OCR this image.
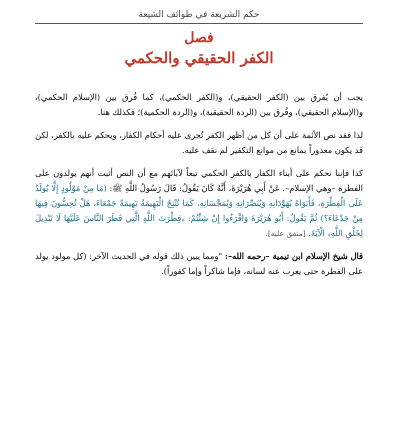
حكم الشريعة في طوائف الشيعة
فصل
الكفر الحقيقي والحكمي

يجب أن يُفرق بين (الكفر الحقيقي)، و(الكفر الحكمي)، كما فُرق بين (الإسلام الحكمي)، و(الإسلام الحقيقي)، وفُرق بين (الردة الحقيقية)، و(الردة الحكمية)؛ فكذلك هنا.

لذا فقد نص الأئمة على أن كل من أظهر الكفر تُجرى عليه أحكام الكفار، ويحكم عليه بالكفر، لكن قد يكون معذوراً بمانع من موانع التكفير لم نقف عليه.

كذا فإننا نحكم على أبناء الكفار بالكفر الحكمي تبعاً لآبائهم مع أن النص أثبت أنهم يولدون على الفطرة –وهي الإسلام–. عَنْ أَبِي هُرَيْرَةَ، أَنَّهُ كَانَ يَقُولُ: قَالَ رَسُولُ اللَّهِ ﷺ: (مَا مِنْ مَوْلُودٍ إِلَّا يُولَدُ عَلَى الْفِطْرَةِ، فَأَبَوَاهُ يُهَوِّدَانِهِ وَيُنَصِّرَانِهِ وَيُمَجِّسَانِهِ، كَمَا تُنْتِجُ الْبَهِيمَةُ بَهِيمَةً جَمْعَاءَ، هَلْ تُحِسُّونَ فِيهَا مِنْ جَدْعَاءَ؟) ثُمَّ يَقُولُ: أَبُو هُرَيْرَةَ وَاقْرَءُوا إِنْ شِئْتُمْ: ﴿فِطْرَتَ اللَّهِ الَّتِي فَطَرَ النَّاسَ عَلَيْهَا لَا تَبْدِيلَ لِخَلْقِ اللَّهِ﴾ الْآيَةَ. [متفق عليه].

قال شيخ الإسلام ابن تيمية –رحمه الله–: "ومما يبين ذلك قوله في الحديث الآخر: (كل مولود يولد على الفطرة حتى يعرب عنه لسانه، فإما شاكراً وإما كفوراً).
